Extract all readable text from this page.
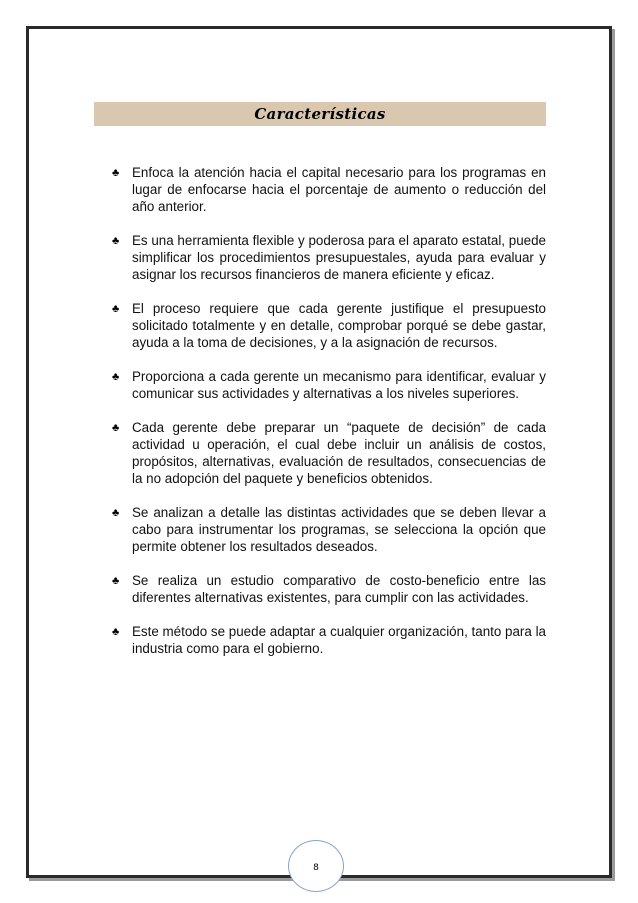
Características
♣ Enfoca la atención hacia el capital necesario para los programas en lugar de enfocarse hacia el porcentaje de aumento o reducción del año anterior.
♣ Es una herramienta flexible y poderosa para el aparato estatal, puede simplificar los procedimientos presupuestales, ayuda para evaluar y asignar los recursos financieros de manera eficiente y eficaz.
♣ El proceso requiere que cada gerente justifique el presupuesto solicitado totalmente y en detalle, comprobar porqué se debe gastar, ayuda a la toma de decisiones, y a la asignación de recursos.
♣ Proporciona a cada gerente un mecanismo para identificar, evaluar y comunicar sus actividades y alternativas a los niveles superiores.
♣ Cada gerente debe preparar un “paquete de decisión” de cada actividad u operación, el cual debe incluir un análisis de costos, propósitos, alternativas, evaluación de resultados, consecuencias de la no adopción del paquete y beneficios obtenidos.
♣ Se analizan a detalle las distintas actividades que se deben llevar a cabo para instrumentar los programas, se selecciona la opción que permite obtener los resultados deseados.
♣ Se realiza un estudio comparativo de costo-beneficio entre las diferentes alternativas existentes, para cumplir con las actividades.
♣ Este método se puede adaptar a cualquier organización, tanto para la industria como para el gobierno.
8
